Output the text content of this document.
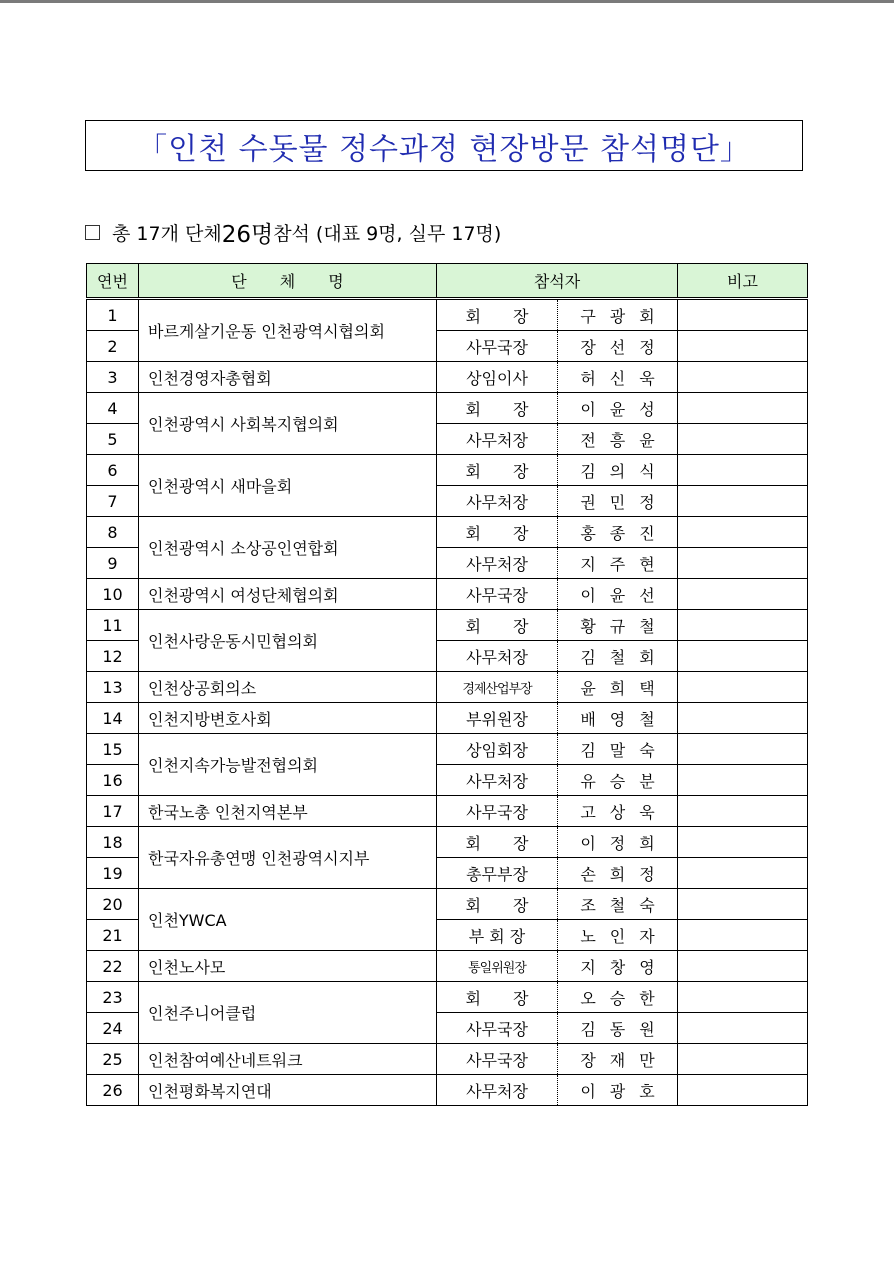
「인천 수돗물 정수과정 현장방문 참석명단」
총 17개 단체 26명 참석 (대표 9명, 실무 17명)
연번	단 체 명	참석자		비고
1	바르게살기운동 인천광역시협의회	회　　장	구광회	
2		사무국장	장선정	
3	인천경영자총협회	상임이사	허신욱	
4	인천광역시 사회복지협의회	회　　장	이윤성	
5		사무처장	전흥윤	
6	인천광역시 새마을회	회　　장	김의식	
7		사무처장	권민정	
8	인천광역시 소상공인연합회	회　　장	홍종진	
9		사무처장	지주현	
10	인천광역시 여성단체협의회	사무국장	이윤선	
11	인천사랑운동시민협의회	회　　장	황규철	
12		사무처장	김철회	
13	인천상공회의소	경제산업부장	윤희택	
14	인천지방변호사회	부위원장	배영철	
15	인천지속가능발전협의회	상임회장	김말숙	
16		사무처장	유승분	
17	한국노총 인천지역본부	사무국장	고상욱	
18	한국자유총연맹 인천광역시지부	회　　장	이정희	
19		총무부장	손희정	
20	인천YWCA	회　　장	조철숙	
21		부 회 장	노인자	
22	인천노사모	통일위원장	지창영	
23	인천주니어클럽	회　　장	오승한	
24		사무국장	김동원	
25	인천참여예산네트워크	사무국장	장재만	
26	인천평화복지연대	사무처장	이광호	
